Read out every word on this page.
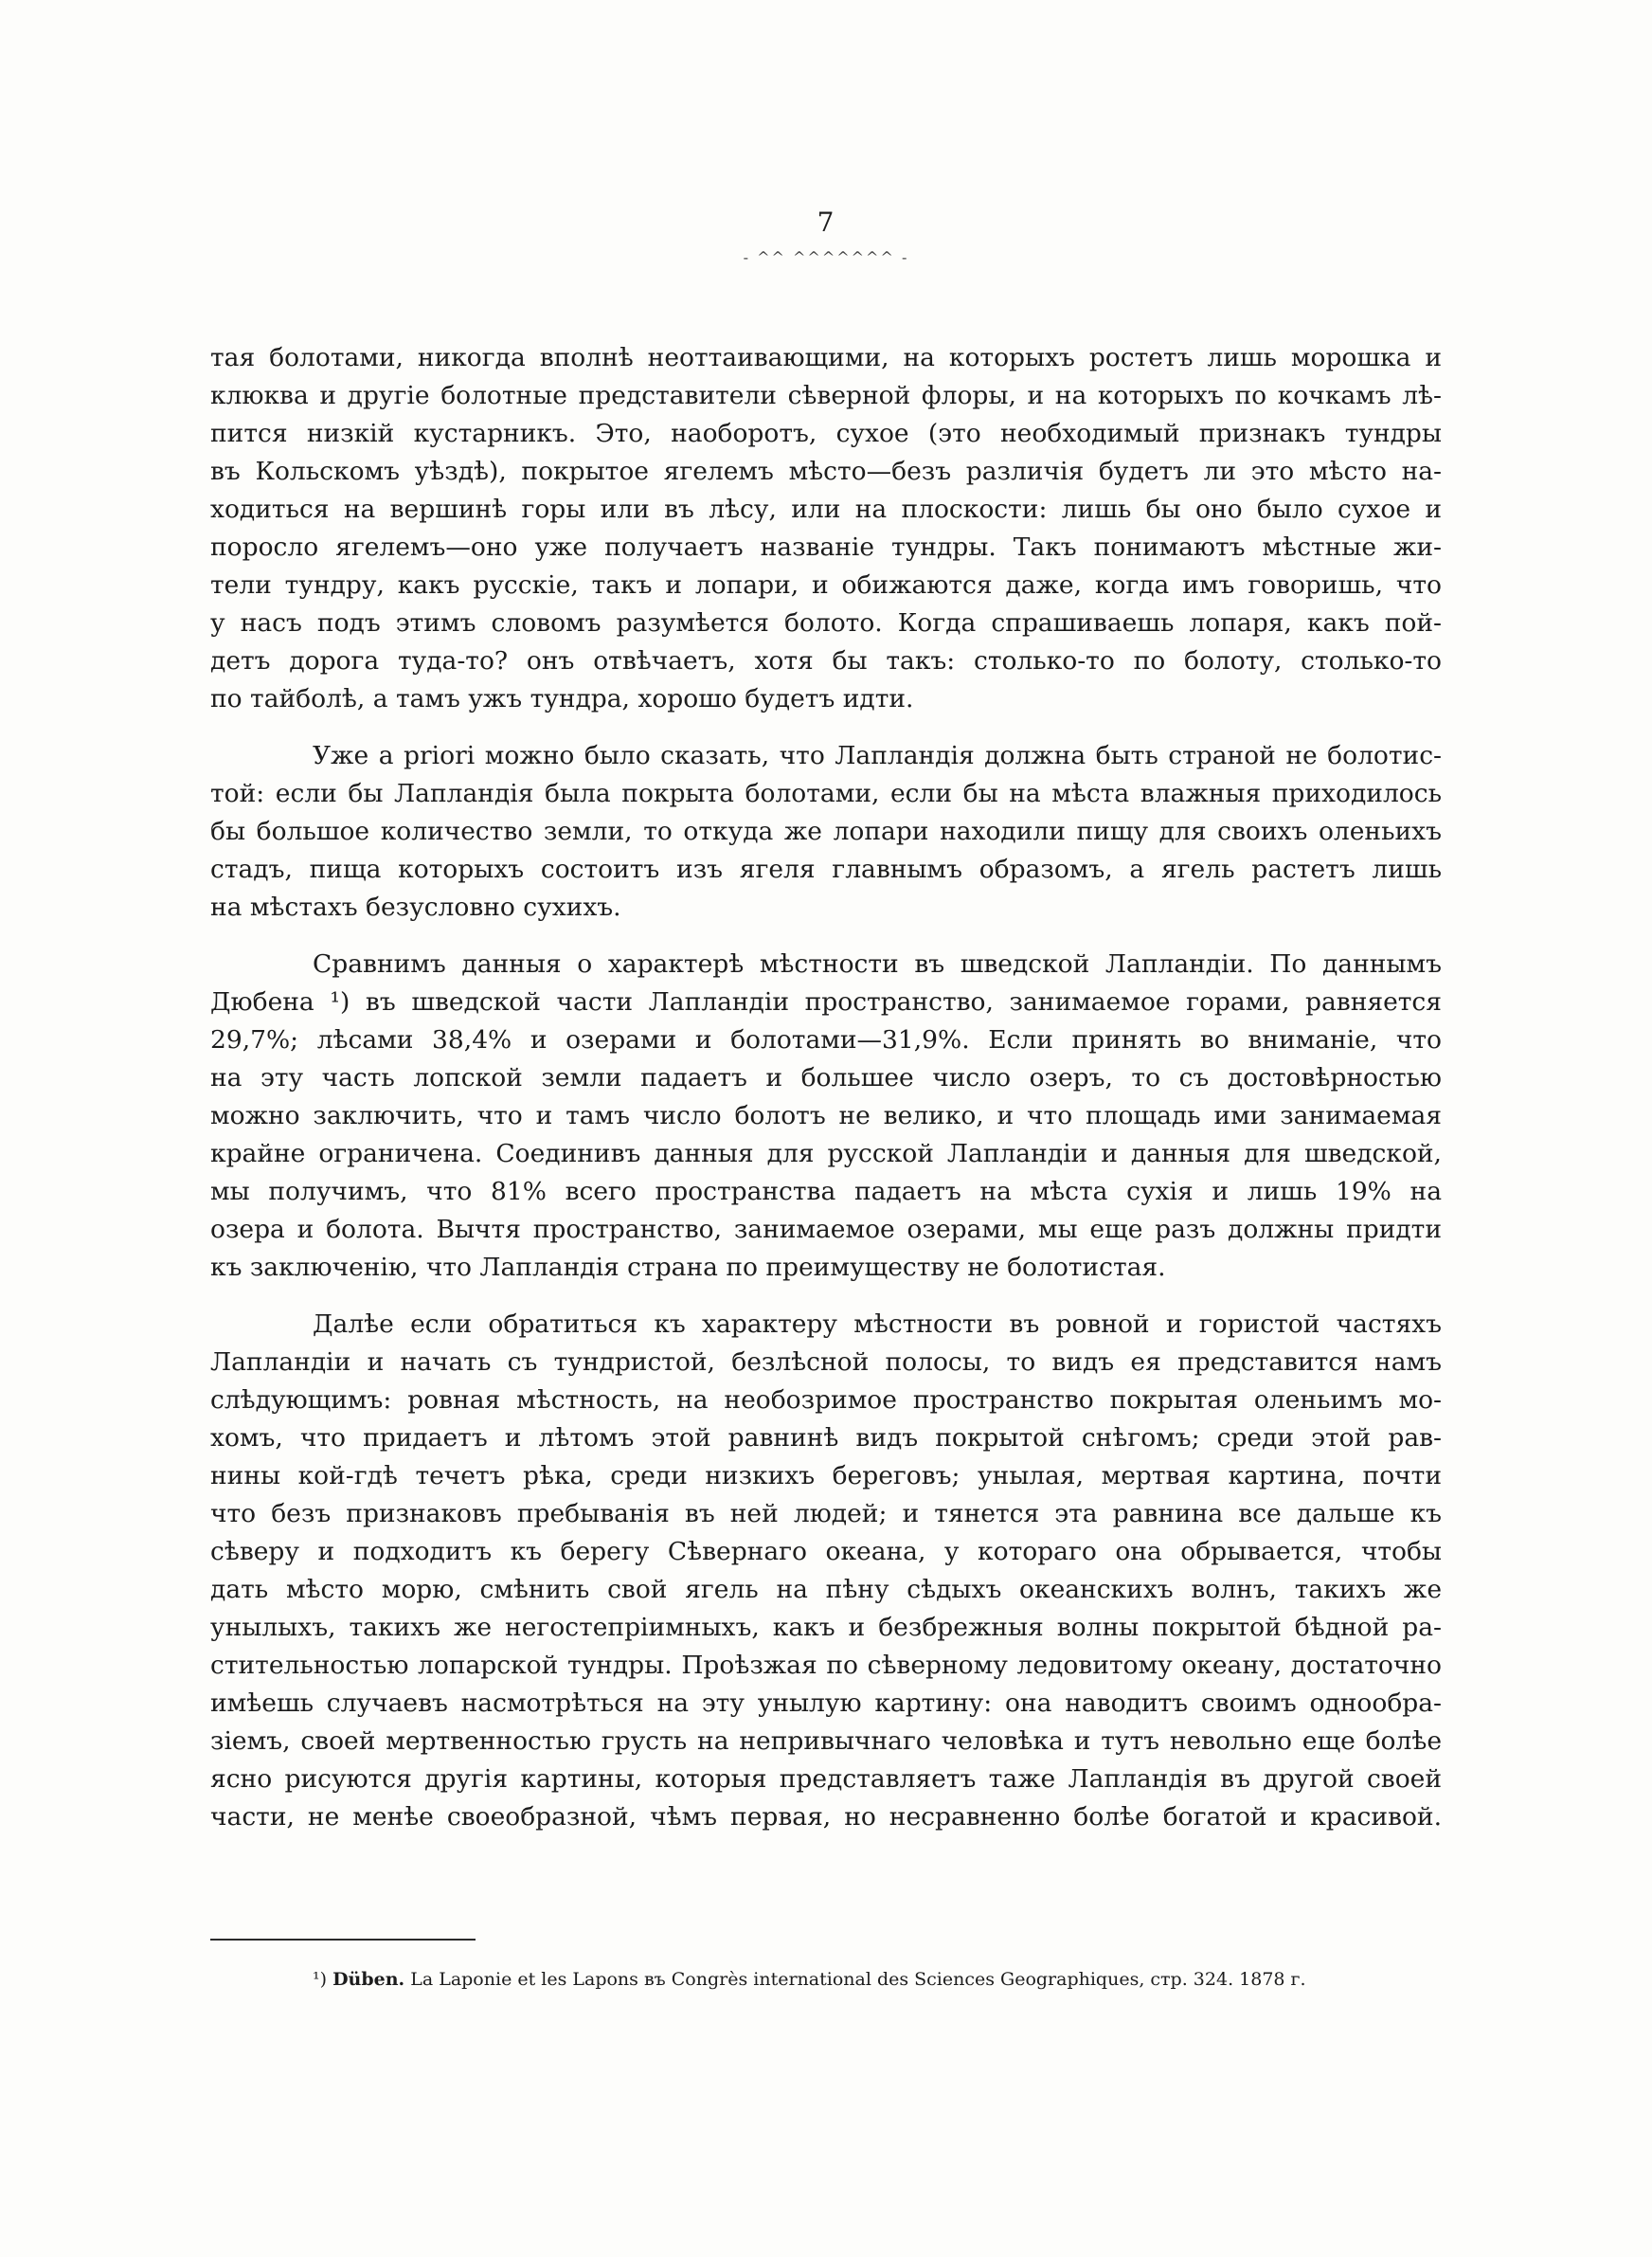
7
- ^^ ^^^^^^^ -
тая болотами, никогда вполнѣ неоттаивающими, на которыхъ ростетъ лишь морошка и
клюква и другіе болотные представители сѣверной флоры, и на которыхъ по кочкамъ лѣ-
пится низкій кустарникъ. Это, наоборотъ, сухое (это необходимый признакъ тундры
въ Кольскомъ уѣздѣ), покрытое ягелемъ мѣсто—безъ различія будетъ ли это мѣсто на-
ходиться на вершинѣ горы или въ лѣсу, или на плоскости: лишь бы оно было сухое и
поросло ягелемъ—оно уже получаетъ названіе тундры. Такъ понимаютъ мѣстные жи-
тели тундру, какъ русскіе, такъ и лопари, и обижаются даже, когда имъ говоришь, что
у насъ подъ этимъ словомъ разумѣется болото. Когда спрашиваешь лопаря, какъ пой-
детъ дорога туда-то? онъ отвѣчаетъ, хотя бы такъ: столько-то по болоту, столько-то
по тайболѣ, а тамъ ужъ тундра, хорошо будетъ идти.
Уже a priori можно было сказать, что Лапландія должна быть страной не болотис-
той: если бы Лапландія была покрыта болотами, если бы на мѣста влажныя приходилось
бы большое количество земли, то откуда же лопари находили пищу для своихъ оленьихъ
стадъ, пища которыхъ состоитъ изъ ягеля главнымъ образомъ, а ягель растетъ лишь
на мѣстахъ безусловно сухихъ.
Сравнимъ данныя о характерѣ мѣстности въ шведской Лапландіи. По даннымъ
Дюбена ¹) въ шведской части Лапландіи пространство, занимаемое горами, равняется
29,7%; лѣсами 38,4% и озерами и болотами—31,9%. Если принять во вниманіе, что
на эту часть лопской земли падаетъ и большее число озеръ, то съ достовѣрностью
можно заключить, что и тамъ число болотъ не велико, и что площадь ими занимаемая
крайне ограничена. Соединивъ данныя для русской Лапландіи и данныя для шведской,
мы получимъ, что 81% всего пространства падаетъ на мѣста сухія и лишь 19% на
озера и болота. Вычтя пространство, занимаемое озерами, мы еще разъ должны придти
къ заключенію, что Лапландія страна по преимуществу не болотистая.
Далѣе если обратиться къ характеру мѣстности въ ровной и гористой частяхъ
Лапландіи и начать съ тундристой, безлѣсной полосы, то видъ ея представится намъ
слѣдующимъ: ровная мѣстность, на необозримое пространство покрытая оленьимъ мо-
хомъ, что придаетъ и лѣтомъ этой равнинѣ видъ покрытой снѣгомъ; среди этой рав-
нины кой-гдѣ течетъ рѣка, среди низкихъ береговъ; унылая, мертвая картина, почти
что безъ признаковъ пребыванія въ ней людей; и тянется эта равнина все дальше къ
сѣверу и подходитъ къ берегу Сѣвернаго океана, у котораго она обрывается, чтобы
дать мѣсто морю, смѣнить свой ягель на пѣну сѣдыхъ океанскихъ волнъ, такихъ же
унылыхъ, такихъ же негостепріимныхъ, какъ и безбрежныя волны покрытой бѣдной ра-
стительностью лопарской тундры. Проѣзжая по сѣверному ледовитому океану, достаточно
имѣешь случаевъ насмотрѣться на эту унылую картину: она наводитъ своимъ однообра-
зіемъ, своей мертвенностью грусть на непривычнаго человѣка и тутъ невольно еще болѣе
ясно рисуются другія картины, которыя представляетъ таже Лапландія въ другой своей
части, не менѣе своеобразной, чѣмъ первая, но несравненно болѣе богатой и красивой.
¹) Düben. La Laponie et les Lapons въ Congrès international des Sciences Geographiques, стр. 324. 1878 г.
